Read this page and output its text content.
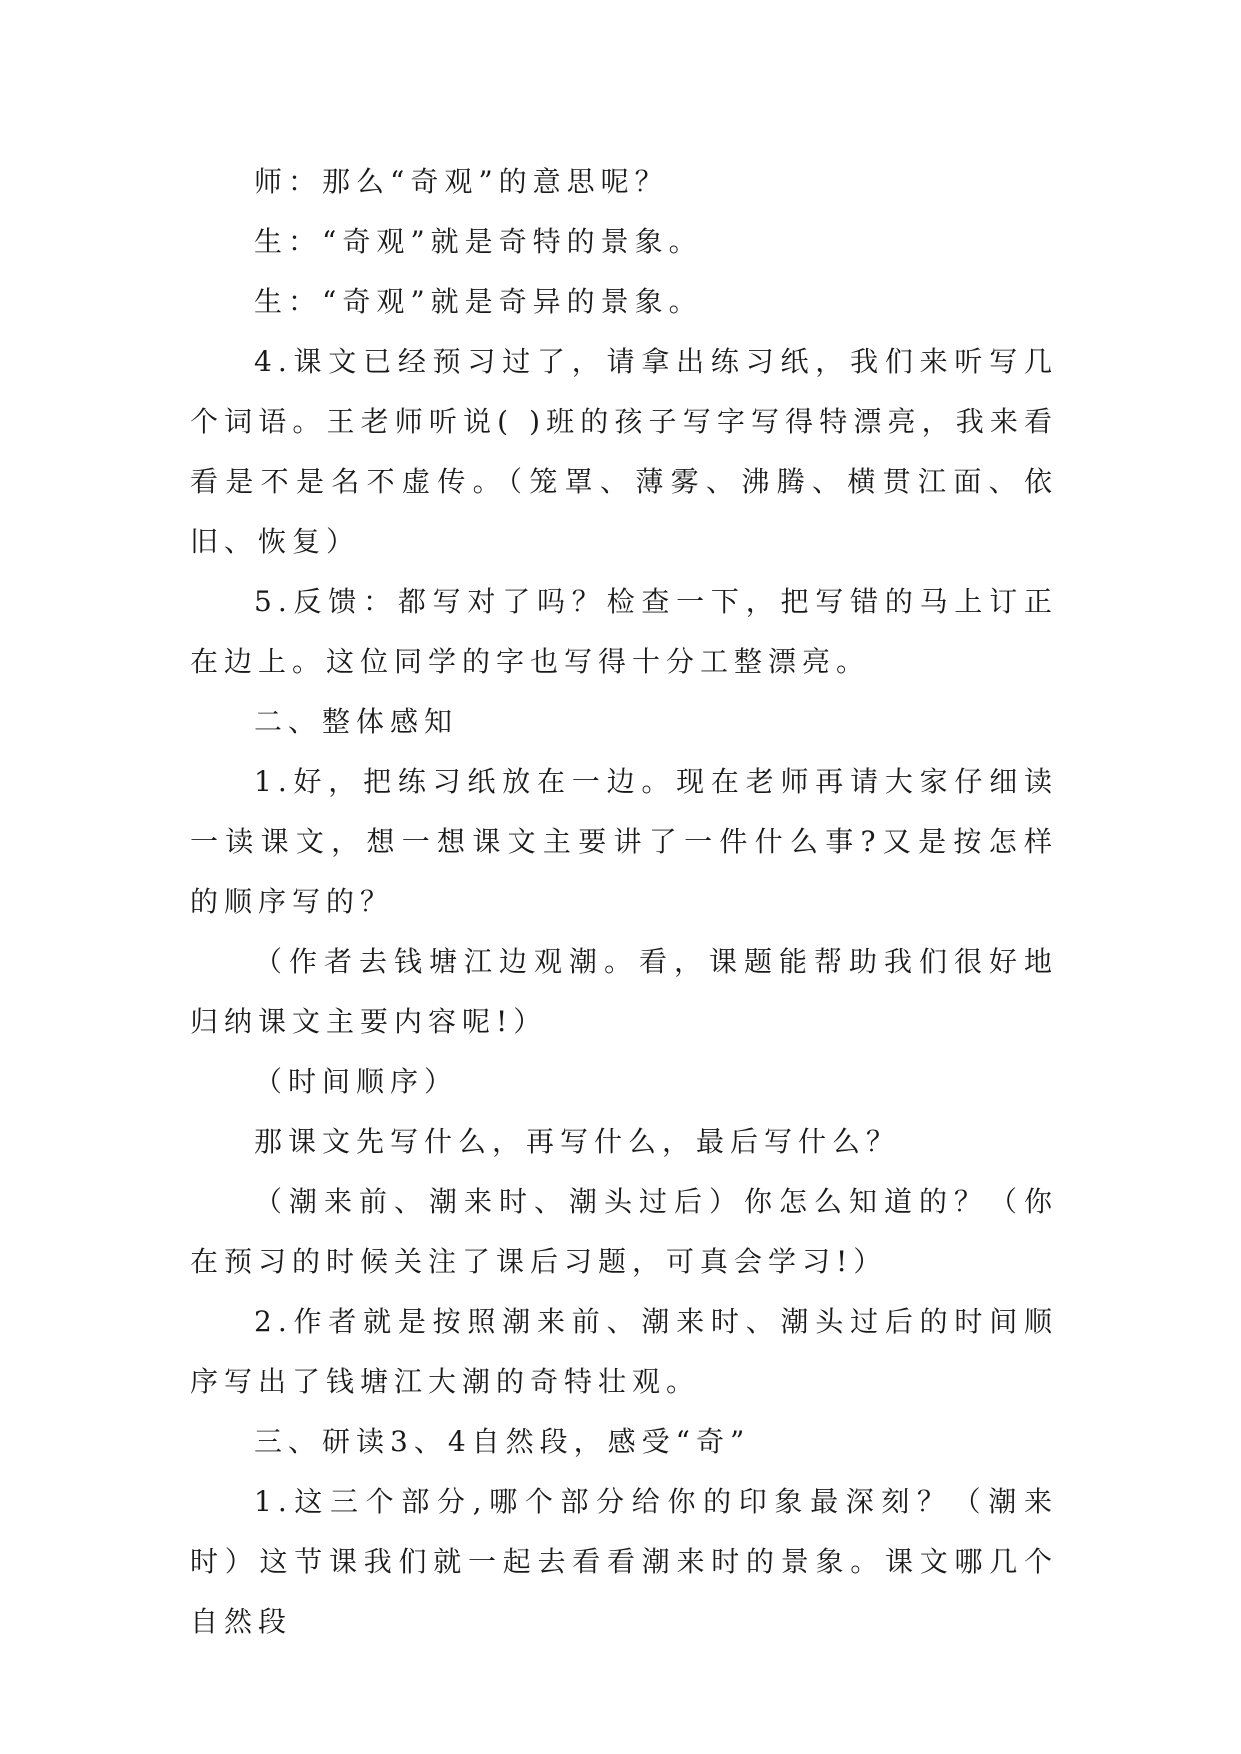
师：那么“奇观”的意思呢？

生：“奇观”就是奇特的景象。

生：“奇观”就是奇异的景象。

4.课文已经预习过了，请拿出练习纸，我们来听写几个词语。王老师听说( )班的孩子写字写得特漂亮，我来看看是不是名不虚传。（笼罩、薄雾、沸腾、横贯江面、依旧、恢复）

5.反馈：都写对了吗？检查一下，把写错的马上订正在边上。这位同学的字也写得十分工整漂亮。

二、整体感知

1.好，把练习纸放在一边。现在老师再请大家仔细读一读课文，想一想课文主要讲了一件什么事?又是按怎样的顺序写的？

（作者去钱塘江边观潮。看，课题能帮助我们很好地归纳课文主要内容呢!）

（时间顺序）

那课文先写什么，再写什么，最后写什么？

（潮来前、潮来时、潮头过后）你怎么知道的？（你在预习的时候关注了课后习题，可真会学习!）

2.作者就是按照潮来前、潮来时、潮头过后的时间顺序写出了钱塘江大潮的奇特壮观。

三、研读3、4自然段，感受“奇”

1.这三个部分,哪个部分给你的印象最深刻？（潮来时）这节课我们就一起去看看潮来时的景象。课文哪几个自然段
